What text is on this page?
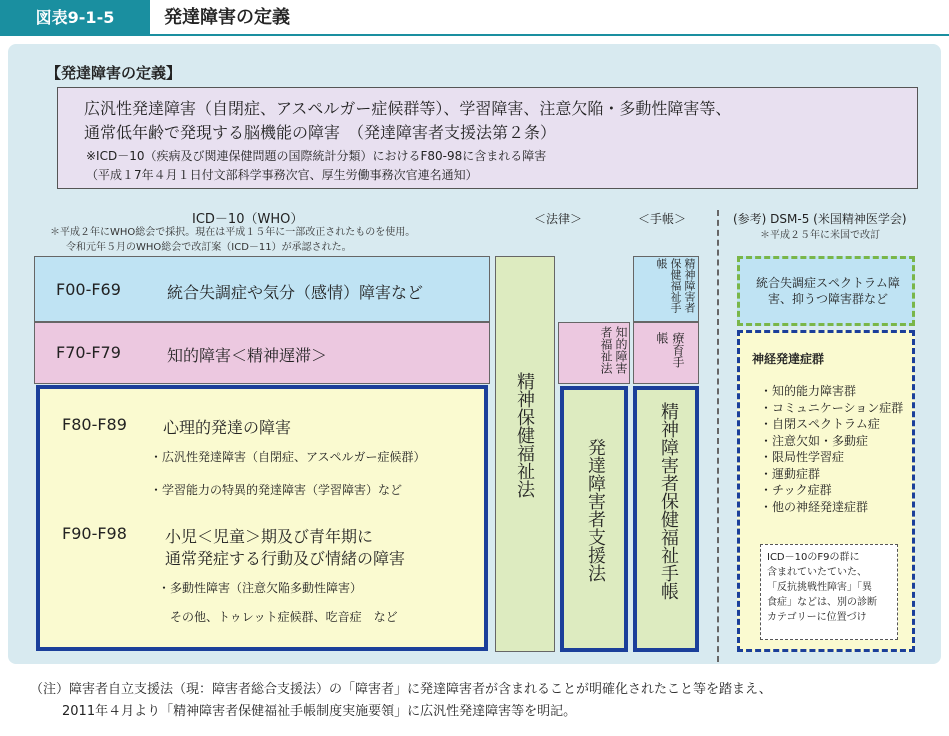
図表9-1-5	発達障害の定義
【発達障害の定義】
広汎性発達障害（自閉症、アスペルガー症候群等）、学習障害、注意欠陥・多動性障害等、
通常低年齢で発現する脳機能の障害　（発達障害者支援法第２条）
※ICD－10（疾病及び関連保健問題の国際統計分類）におけるF80-98に含まれる障害
（平成１7年４月１日付文部科学事務次官、厚生労働事務次官連名通知）
ICD－10（WHO）
＊平成２年にWHO総会で採択。現在は平成１５年に一部改正されたものを使用。
令和元年５月のWHO総会で改訂案（ICD－11）が承認された。
F00-F69	統合失調症や気分（感情）障害など
F70-F79	知的障害＜精神遅滞＞
F80-F89 心理的発達の障害
・広汎性発達障害（自閉症、アスペルガー症候群）
・学習能力の特異的発達障害（学習障害）など
F90-F98 小児＜児童＞期及び青年期に
通常発症する行動及び情緒の障害
・多動性障害（注意欠陥多動性障害）
その他、トゥレット症候群、吃音症　など
＜法律＞
精神保健福祉法
知的障害者福祉法
発達障害者支援法
＜手帳＞
精神障害者保健福祉手帳
療育手帳
精神障害者保健福祉手帳
(参考) DSM-5 (米国精神医学会)
＊平成２５年に米国で改訂
統合失調症スペクトラム障害、抑うつ障害群など
神経発達症群
・知的能力障害群
・コミュニケーション症群
・自閉スペクトラム症
・注意欠如・多動症
・限局性学習症
・運動症群
・チック症群
・他の神経発達症群
ICD－10のF9の群に
含まれていたていた、
「反抗挑戦性障害」「異
食症」などは、別の診断
カテゴリーに位置づけ
（注）障害者自立支援法（現：障害者総合支援法）の「障害者」に発達障害者が含まれることが明確化されたこと等を踏まえ、
2011年４月より「精神障害者保健福祉手帳制度実施要領」に広汎性発達障害等を明記。
